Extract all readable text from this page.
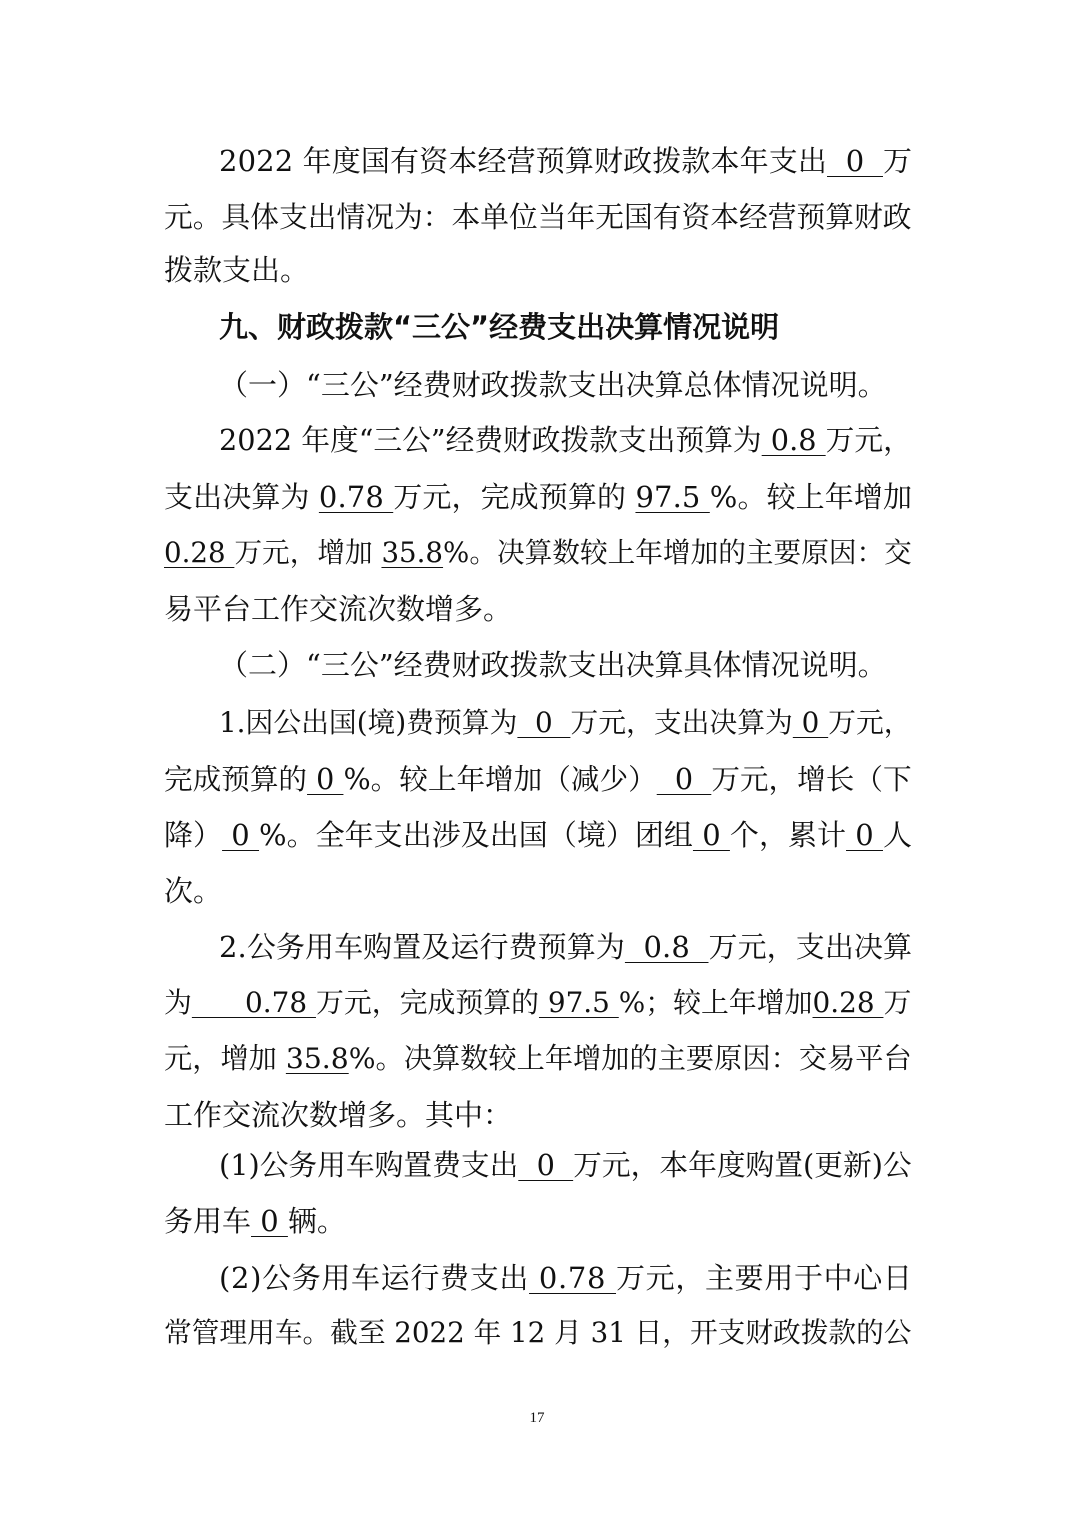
2022 年度国有资本经营预算财政拨款本年支出  0  万
元。具体支出情况为：本单位当年无国有资本经营预算财政
拨款支出。
九、财政拨款“三公”经费支出决算情况说明
（一）“三公”经费财政拨款支出决算总体情况说明。
2022 年度“三公”经费财政拨款支出预算为 0.8 万元，
支出决算为 0.78 万元，完成预算的 97.5 %。较上年增加
0.28 万元，增加 35.8%。决算数较上年增加的主要原因：交
易平台工作交流次数增多。
（二）“三公”经费财政拨款支出决算具体情况说明。
1.因公出国(境)费预算为  0  万元，支出决算为 0 万元，
完成预算的 0 %。较上年增加（减少）  0  万元，增长（下
降） 0 %。全年支出涉及出国（境）团组 0 个，累计 0 人
次。
2.公务用车购置及运行费预算为  0.8  万元，支出决算
为      0.78 万元，完成预算的 97.5 %；较上年增加0.28 万
元，增加 35.8%。决算数较上年增加的主要原因：交易平台
工作交流次数增多。其中：
(1)公务用车购置费支出  0  万元，本年度购置(更新)公
务用车 0 辆。
(2)公务用车运行费支出 0.78 万元，主要用于中心日
常管理用车。截至 2022 年 12 月 31 日，开支财政拨款的公
17
